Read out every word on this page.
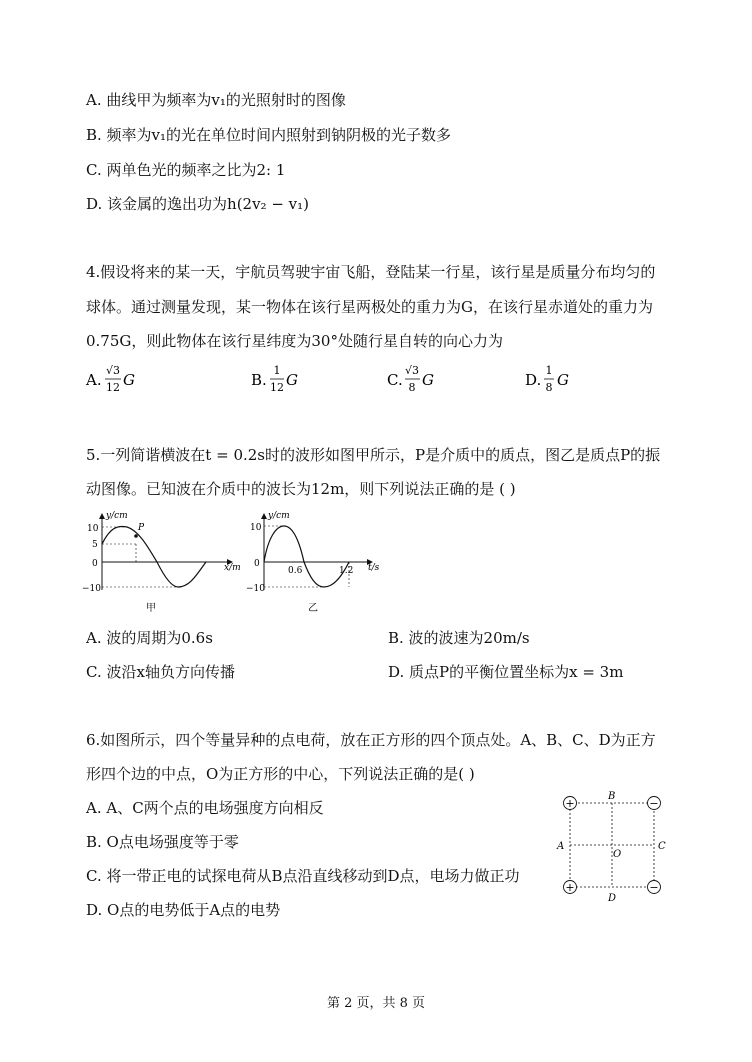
A. 曲线甲为频率为v₁的光照射时的图像
B. 频率为v₁的光在单位时间内照射到钠阴极的光子数多
C. 两单色光的频率之比为2: 1
D. 该金属的逸出功为h(2v₂ − v₁)
4.假设将来的某一天，宇航员驾驶宇宙飞船，登陆某一行星，该行星是质量分布均匀的
球体。通过测量发现，某一物体在该行星两极处的重力为G，在该行星赤道处的重力为
0.75G，则此物体在该行星纬度为30°处随行星自转的向心力为
A.
√3
12 G	B.
1
12 G	C.
√3
8 G	D.
1
8 G
5.一列简谐横波在t = 0.2s时的波形如图甲所示，P是介质中的质点，图乙是质点P的振
动图像。已知波在介质中的波长为12m，则下列说法正确的是 ( )
y/cm
x/m
10
5
0
−10
P
甲
y/cm
t/s
10
0
−10
0.6	1.2
乙
A. 波的周期为0.6s	B. 波的波速为20m/s
C. 波沿x轴负方向传播	D. 质点P的平衡位置坐标为x = 3m
6.如图所示，四个等量异种的点电荷，放在正方形的四个顶点处。A、B、C、D为正方
形四个边的中点，O为正方形的中心，下列说法正确的是( )
A. A、C两个点的电场强度方向相反
B. O点电场强度等于零
C. 将一带正电的试探电荷从B点沿直线移动到D点，电场力做正功
D. O点的电势低于A点的电势
+	−
+	−
A
B
C
D
O
第 2 页，共 8 页
